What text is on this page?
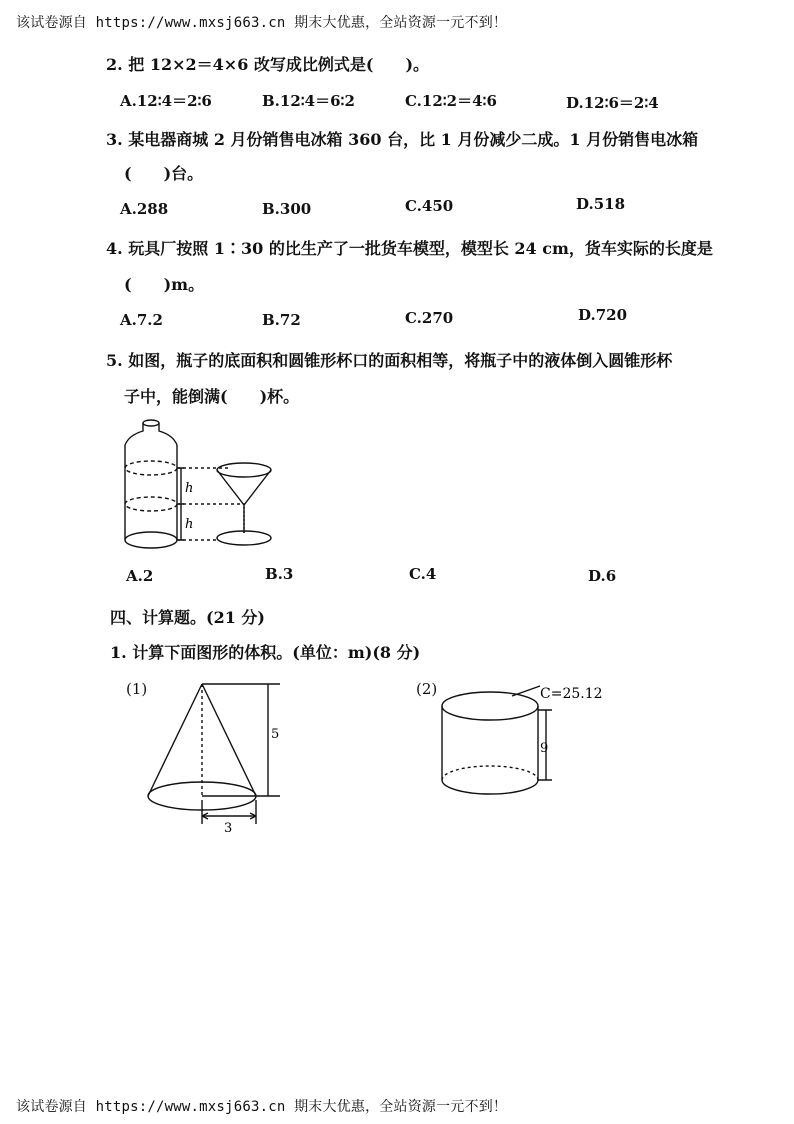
该试卷源自 https://www.mxsj663.cn 期末大优惠，全站资源一元不到！
2. 把 12×2＝4×6 改写成比例式是(　　)。
A.12∶4＝2∶6	B.12∶4＝6∶2	C.12∶2＝4∶6	D.12∶6＝2∶4
3. 某电器商城 2 月份销售电冰箱 360 台，比 1 月份减少二成。1 月份销售电冰箱
(　　)台。
A.288	B.300	C.450	D.518
4. 玩具厂按照 1∶30 的比生产了一批货车模型，模型长 24 cm，货车实际的长度是
(　　)m。
A.7.2	B.72	C.270	D.720
5. 如图，瓶子的底面积和圆锥形杯口的面积相等，将瓶子中的液体倒入圆锥形杯
子中，能倒满(　　)杯。
h
h
A.2	B.3	C.4	D.6
四、计算题。(21 分)
1. 计算下面图形的体积。(单位：m)(8 分)
(1)
5
3
(2)	C=25.12
9
该试卷源自 https://www.mxsj663.cn 期末大优惠，全站资源一元不到！
